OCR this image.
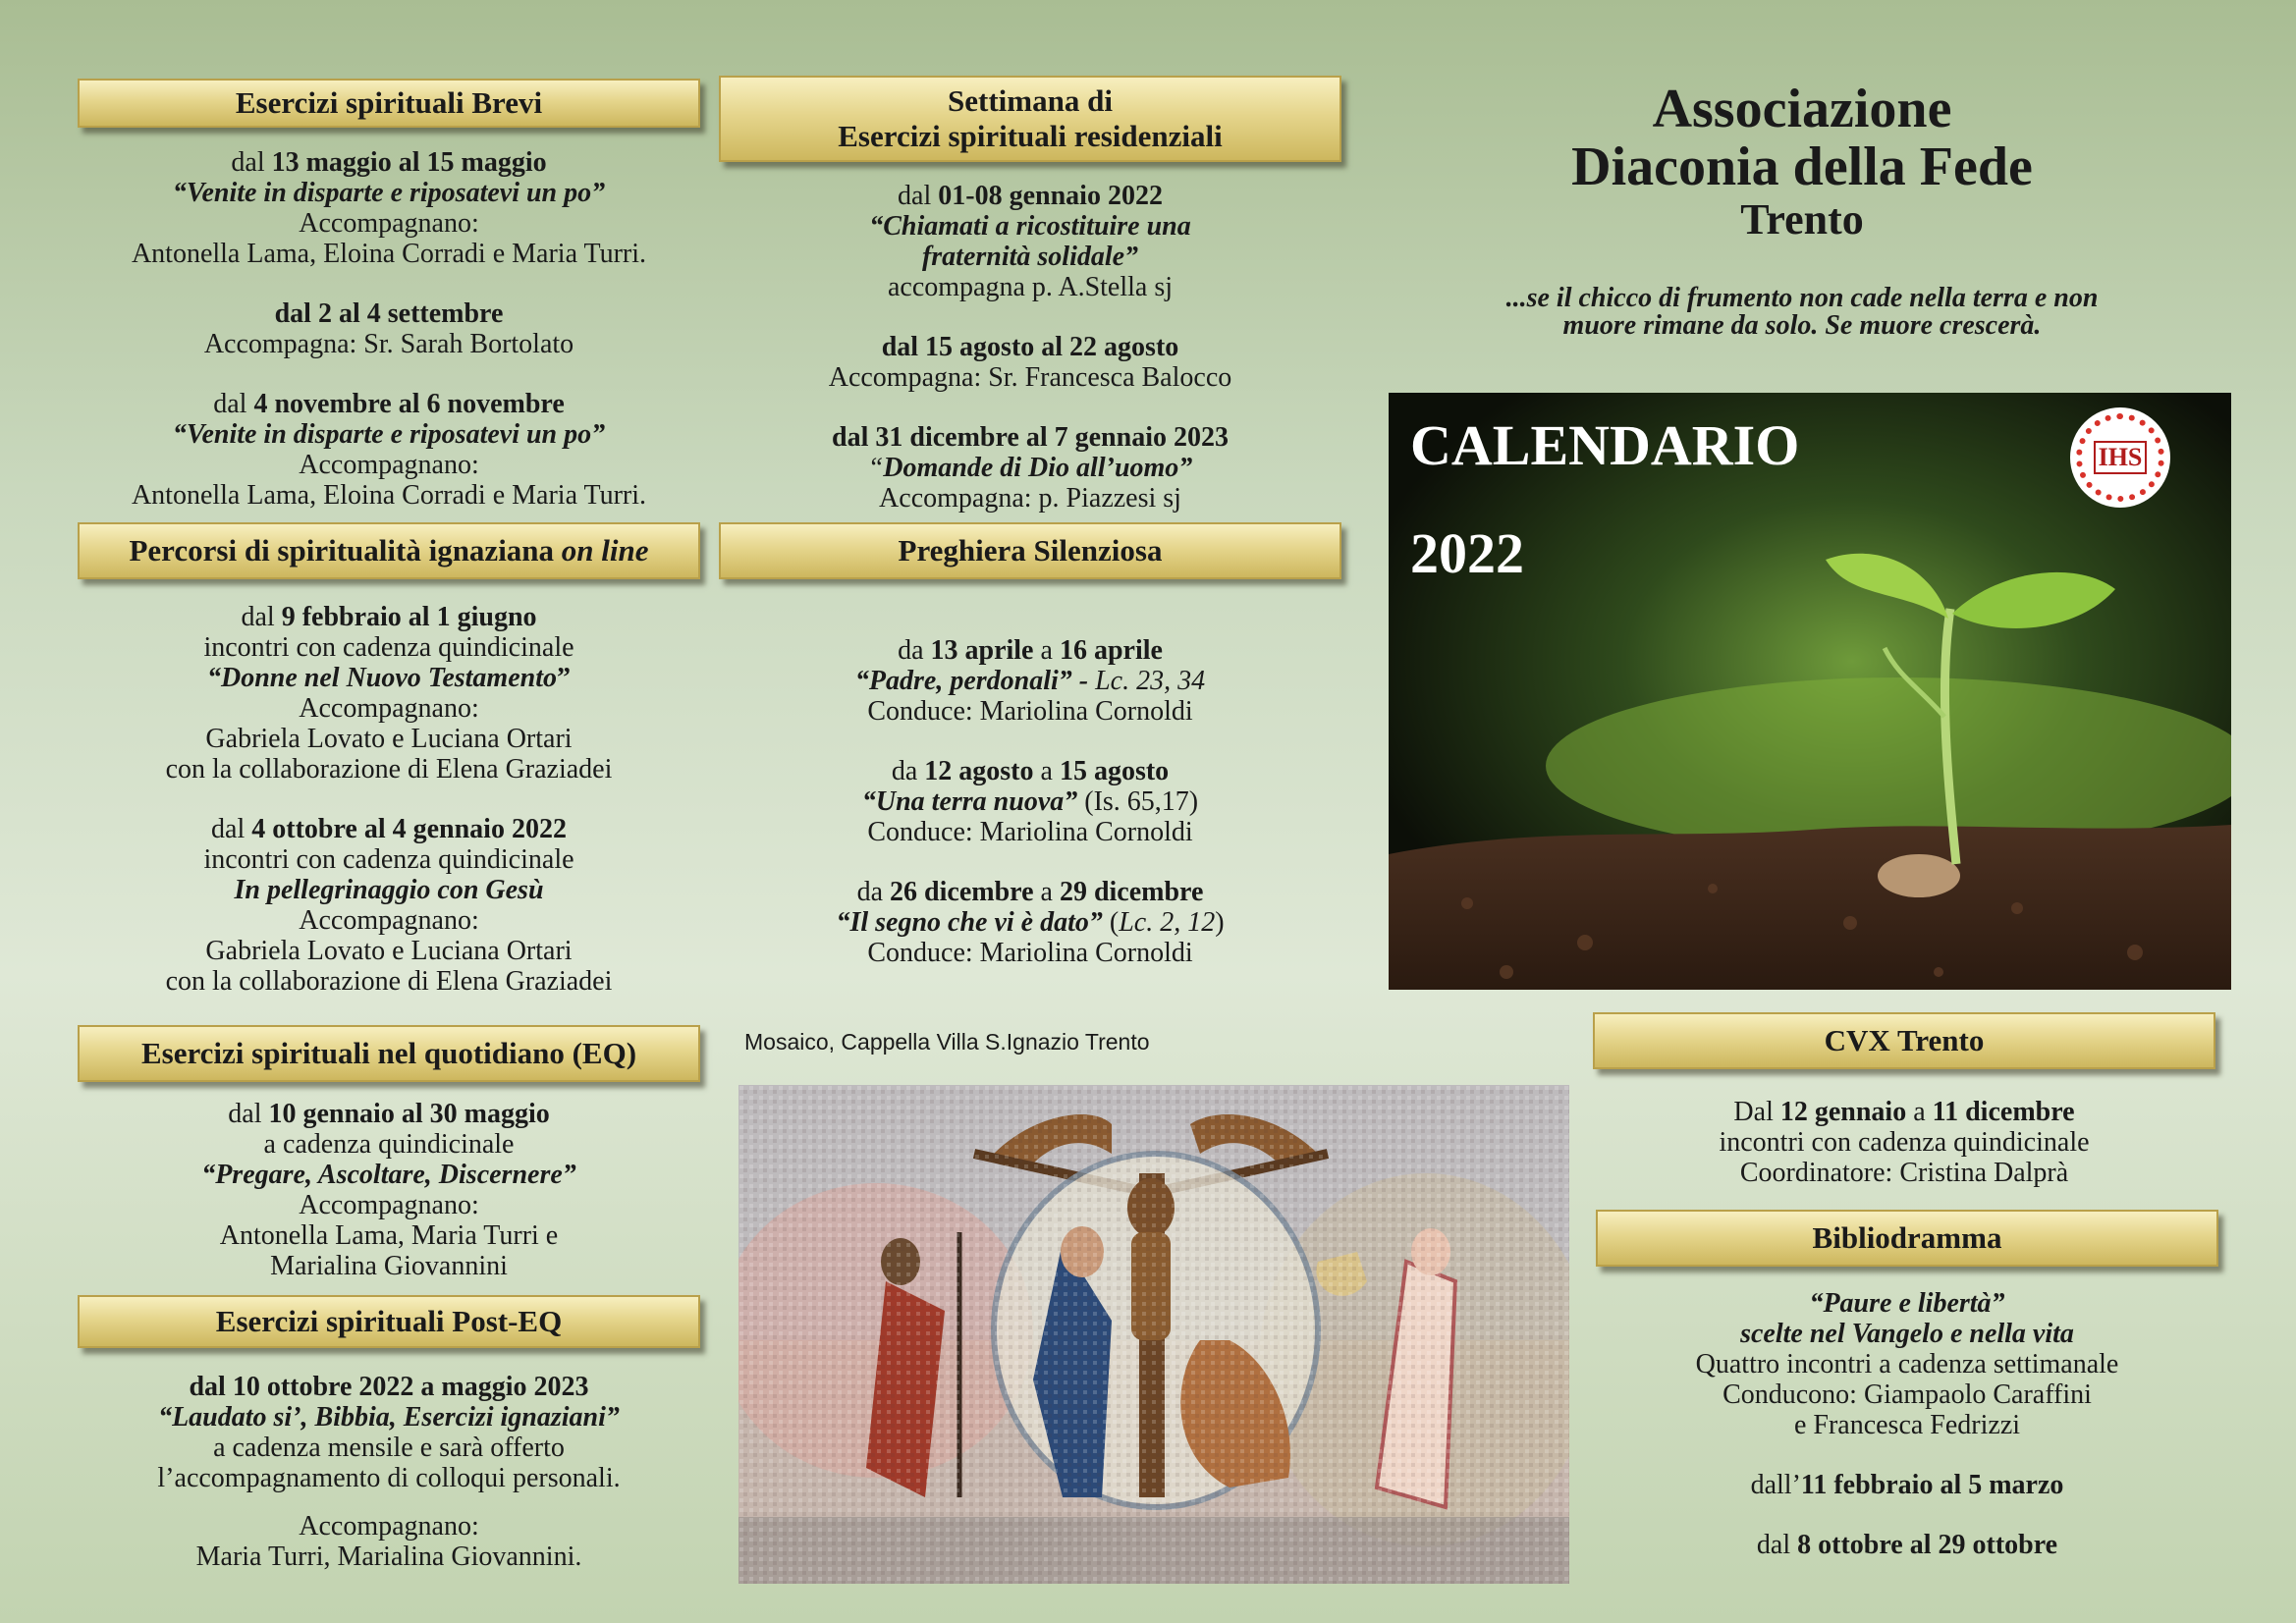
Esercizi spirituali Brevi

dal 13 maggio al 15 maggio

“Venite in disparte e riposatevi un po”

Accompagnano:

Antonella Lama, Eloina Corradi e Maria Turri.

dal 2 al 4 settembre

Accompagna: Sr. Sarah Bortolato

dal 4 novembre al 6 novembre

“Venite in disparte e riposatevi un po”

Accompagnano:

Antonella Lama, Eloina Corradi e Maria Turri.

Percorsi di spiritualità ignaziana on line

dal 9 febbraio al 1 giugno

incontri con cadenza quindicinale

“Donne nel Nuovo Testamento”

Accompagnano:

Gabriela Lovato e Luciana Ortari

con la collaborazione di Elena Graziadei

dal 4 ottobre al 4 gennaio 2022

incontri con cadenza quindicinale

In pellegrinaggio con Gesù

Accompagnano:

Gabriela Lovato e Luciana Ortari

con la collaborazione di Elena Graziadei

Esercizi spirituali nel quotidiano (EQ)

dal 10 gennaio al 30 maggio

a cadenza quindicinale

“Pregare, Ascoltare, Discernere”

Accompagnano:

Antonella Lama, Maria Turri e

Marialina Giovannini

Esercizi spirituali Post-EQ

dal 10 ottobre 2022 a maggio 2023

“Laudato si’, Bibbia, Esercizi ignaziani”

a cadenza mensile e sarà offerto

l’accompagnamento di colloqui personali.

Accompagnano:

Maria Turri, Marialina Giovannini.

Settimana di
Esercizi spirituali residenziali

dal 01-08 gennaio 2022

“Chiamati a ricostituire una

fraternità solidale”

accompagna p. A.Stella sj

dal 15 agosto al 22 agosto

Accompagna: Sr. Francesca Balocco

dal 31 dicembre al 7 gennaio 2023

“Domande di Dio all’uomo”

Accompagna: p. Piazzesi sj

Preghiera Silenziosa

da 13 aprile a 16 aprile

“Padre, perdonali” - Lc. 23, 34

Conduce: Mariolina Cornoldi

da 12 agosto a 15 agosto

“Una terra nuova” (Is. 65,17)

Conduce: Mariolina Cornoldi

da 26 dicembre a 29 dicembre

“Il segno che vi è dato” (Lc. 2, 12)

Conduce: Mariolina Cornoldi

Mosaico, Cappella Villa S.Ignazio Trento
Associazione
Diaconia della Fede
Trento

...se il chicco di frumento non cade nella terra e non

muore rimane da solo. Se muore crescerà.

CALENDARIO
2022
IHS
CVX Trento

Dal 12 gennaio a 11 dicembre

incontri con cadenza quindicinale

Coordinatore: Cristina Dalprà

Bibliodramma

“Paure e libertà”

scelte nel Vangelo e nella vita

Quattro incontri a cadenza settimanale

Conducono: Giampaolo Caraffini

e Francesca Fedrizzi

dall’11 febbraio al 5 marzo

dal 8 ottobre al 29 ottobre
